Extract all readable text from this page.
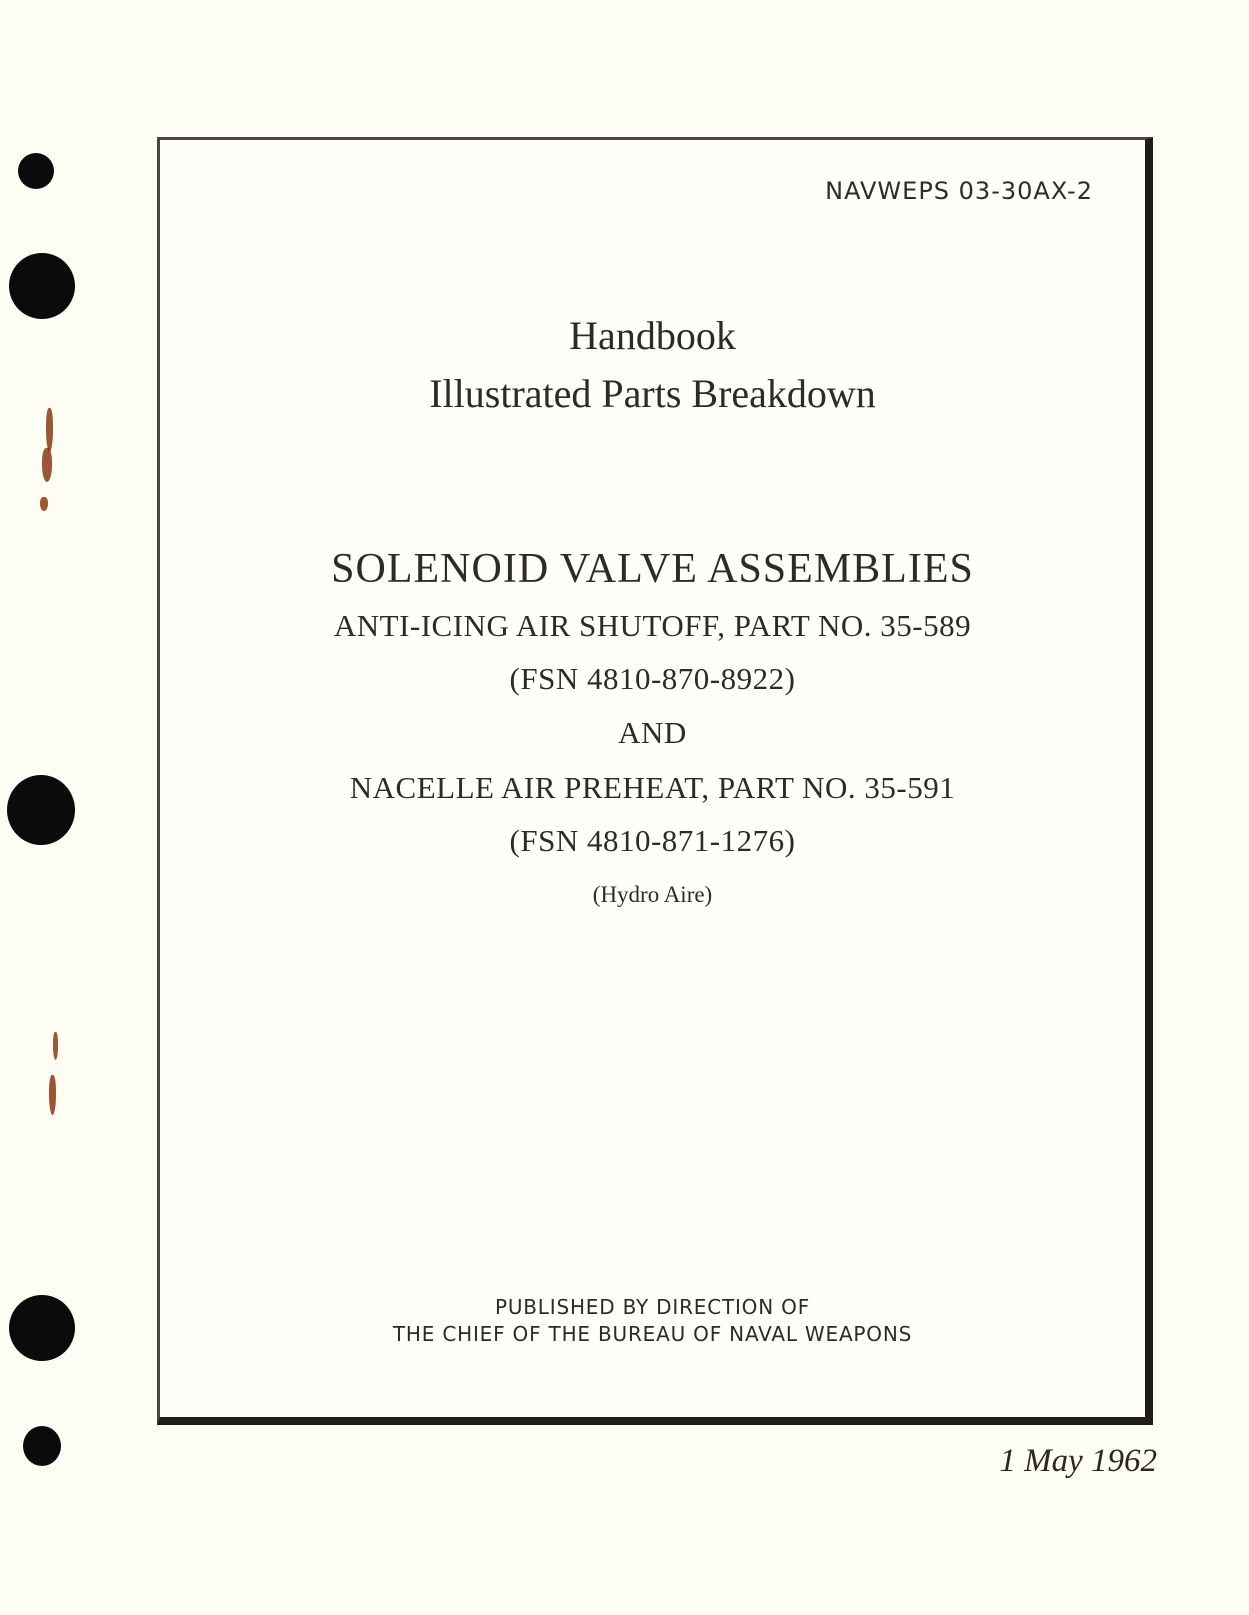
NAVWEPS 03-30AX-2
Handbook
Illustrated Parts Breakdown
SOLENOID VALVE ASSEMBLIES
ANTI-ICING AIR SHUTOFF, PART NO. 35-589
(FSN 4810-870-8922)
AND
NACELLE AIR PREHEAT, PART NO. 35-591
(FSN 4810-871-1276)
(Hydro Aire)
PUBLISHED BY DIRECTION OF
THE CHIEF OF THE BUREAU OF NAVAL WEAPONS
1 May 1962
